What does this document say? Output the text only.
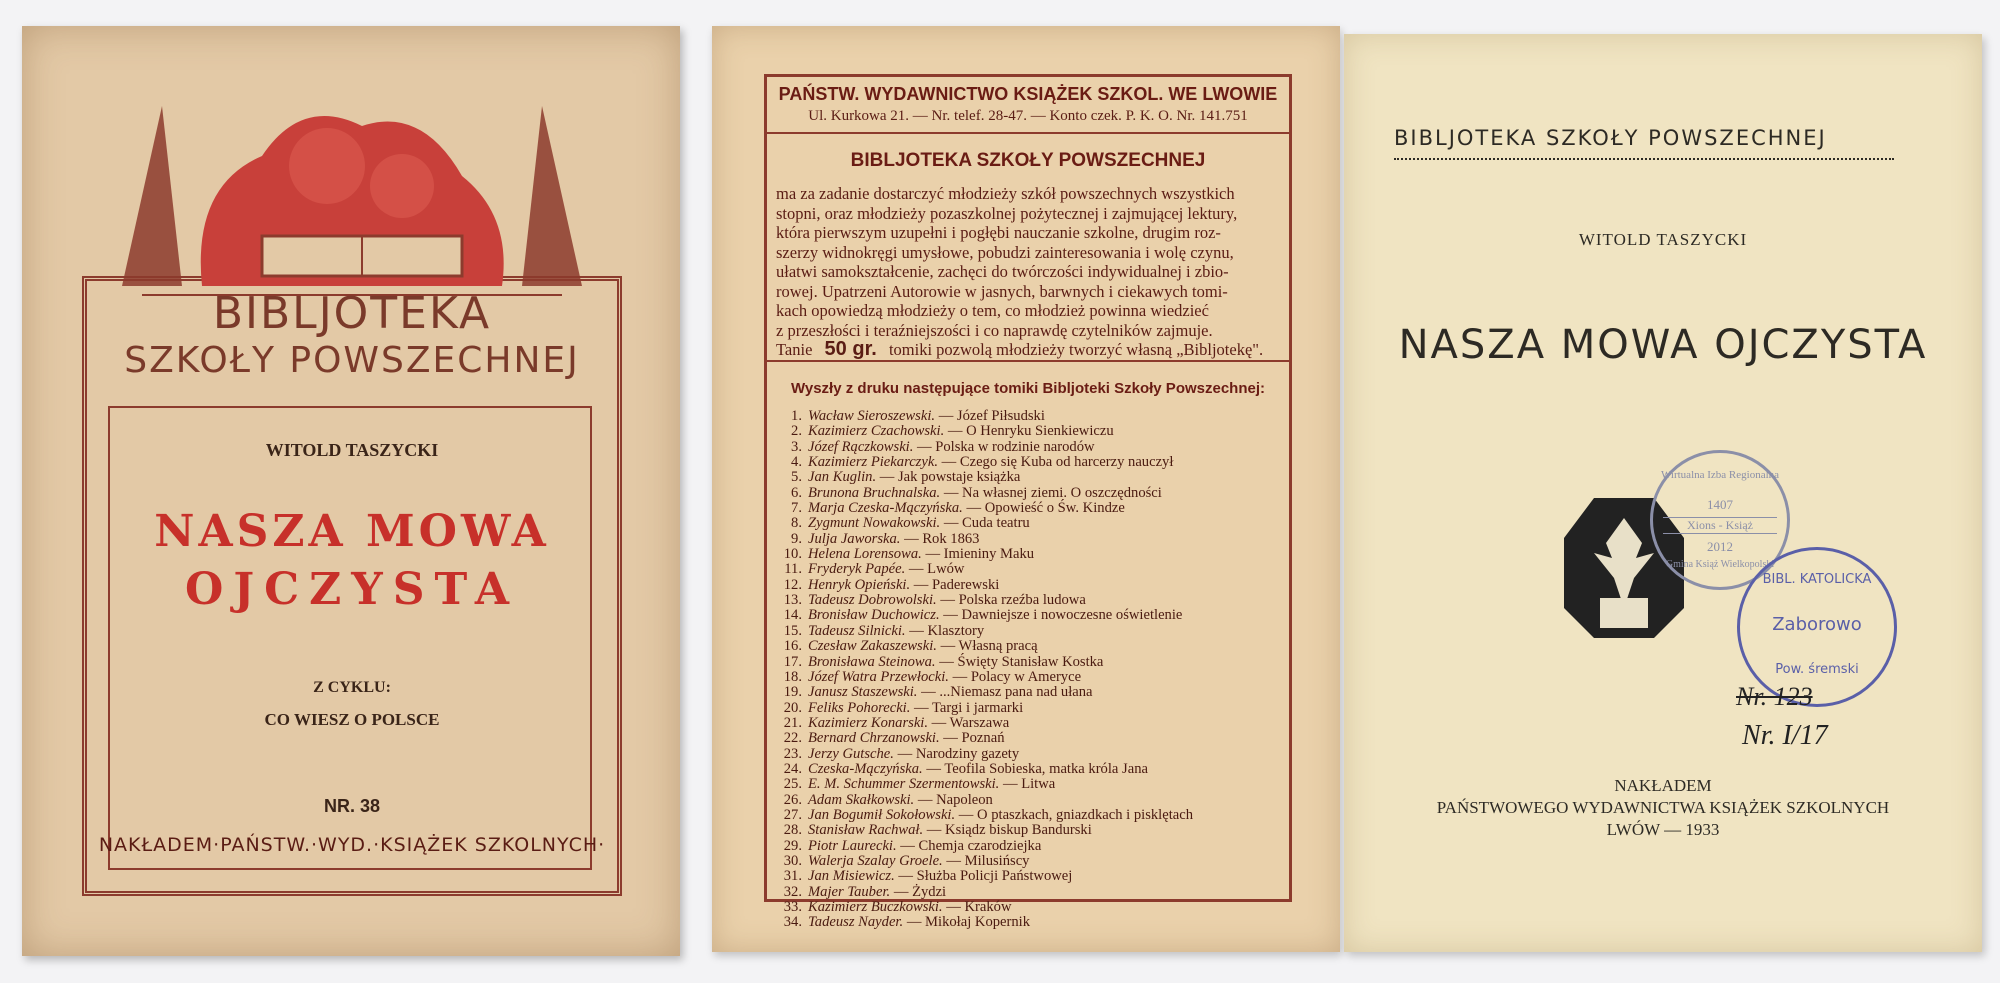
BIBLJOTEKA
SZKOŁY POWSZECHNEJ
WITOLD TASZYCKI
NASZA MOWA
OJCZYSTA
Z CYKLU:
CO WIESZ O POLSCE
NR. 38
NAKŁADEM·PAŃSTW.·WYD.·KSIĄŻEK SZKOLNYCH·
PAŃSTW. WYDAWNICTWO KSIĄŻEK SZKOL. WE LWOWIE
Ul. Kurkowa 21. — Nr. telef. 28-47. — Konto czek. P. K. O. Nr. 141.751
BIBLJOTEKA SZKOŁY POWSZECHNEJ
ma za zadanie dostarczyć młodzieży szkół powszechnych wszystkich
stopni, oraz młodzieży pozaszkolnej pożytecznej i zajmującej lektury,
która pierwszym uzupełni i pogłębi nauczanie szkolne, drugim roz-
szerzy widnokręgi umysłowe, pobudzi zainteresowania i wolę czynu,
ułatwi samokształcenie, zachęci do twórczości indywidualnej i zbio-
rowej. Upatrzeni Autorowie w jasnych, barwnych i ciekawych tomi-
kach opowiedzą młodzieży o tem, co młodzież powinna wiedzieć
z przeszłości i teraźniejszości i co naprawdę czytelników zajmuje.
Tanie 50 gr. tomiki pozwolą młodzieży tworzyć własną „Bibljotekę".
Wyszły z druku następujące tomiki Bibljoteki Szkoły Powszechnej:
1. Wacław Sieroszewski. — Józef Piłsudski
2. Kazimierz Czachowski. — O Henryku Sienkiewiczu
3. Józef Rączkowski. — Polska w rodzinie narodów
4. Kazimierz Piekarczyk. — Czego się Kuba od harcerzy nauczył
5. Jan Kuglin. — Jak powstaje książka
6. Brunona Bruchnalska. — Na własnej ziemi. O oszczędności
7. Marja Czeska-Mączyńska. — Opowieść o Św. Kindze
8. Zygmunt Nowakowski. — Cuda teatru
9. Julja Jaworska. — Rok 1863
10. Helena Lorensowa. — Imieniny Maku
11. Fryderyk Papée. — Lwów
12. Henryk Opieński. — Paderewski
13. Tadeusz Dobrowolski. — Polska rzeźba ludowa
14. Bronisław Duchowicz. — Dawniejsze i nowoczesne oświetlenie
15. Tadeusz Silnicki. — Klasztory
16. Czesław Zakaszewski. — Własną pracą
17. Bronisława Steinowa. — Święty Stanisław Kostka
18. Józef Watra Przewłocki. — Polacy w Ameryce
19. Janusz Staszewski. — ...Niemasz pana nad ułana
20. Feliks Pohorecki. — Targi i jarmarki
21. Kazimierz Konarski. — Warszawa
22. Bernard Chrzanowski. — Poznań
23. Jerzy Gutsche. — Narodziny gazety
24. Czeska-Mączyńska. — Teofila Sobieska, matka króla Jana
25. E. M. Schummer Szermentowski. — Litwa
26. Adam Skałkowski. — Napoleon
27. Jan Bogumił Sokołowski. — O ptaszkach, gniazdkach i pisklętach
28. Stanisław Rachwał. — Ksiądz biskup Bandurski
29. Piotr Laurecki. — Chemja czarodziejka
30. Walerja Szalay Groele. — Milusińscy
31. Jan Misiewicz. — Służba Policji Państwowej
32. Majer Tauber. — Żydzi
33. Kazimierz Buczkowski. — Kraków
34. Tadeusz Nayder. — Mikołaj Kopernik
BIBLJOTEKA SZKOŁY POWSZECHNEJ
WITOLD TASZYCKI
NASZA MOWA OJCZYSTA
Wirtualna Izba Regionalna
1407
Xions - Książ
2012
Gmina Książ Wielkopolski
BIBL. KATOLICKA
Zaborowo
Pow. śremski
Nr. 123
Nr. I/17
NAKŁADEM
PAŃSTWOWEGO WYDAWNICTWA KSIĄŻEK SZKOLNYCH
LWÓW — 1933
